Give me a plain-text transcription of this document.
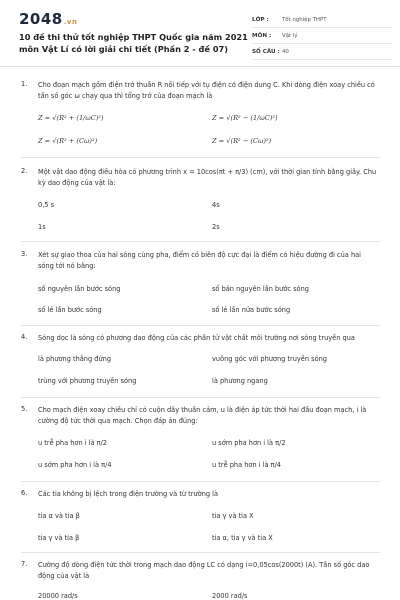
2048.vn
10 đề thi thử tốt nghiệp THPT Quốc gia năm 2021 môn Vật Lí có lời giải chi tiết (Phần 2 - đề 07)
LỚP :	Tốt nghiệp THPT
MÔN :	Vật lý
SỐ CÂU : 40
1. Cho đoạn mạch gồm điện trở thuần R nối tiếp với tụ điện có điện dung C. Khi dòng điện xoay chiều có tần số góc ω chạy qua thì tổng trở của đoạn mạch là
Z = √(R² + (1/ωC)²)	Z = √(R² − (1/ωC)²)
Z = √(R² + (Cω)²)	Z = √(R² − (Cω)²)
2. Một vật dao động điều hòa có phương trình x = 10cos(πt + π/3) (cm), với thời gian tính bằng giây. Chu kỳ dao động của vật là:
0,5 s	4s
1s	2s
3. Xét sự giao thoa của hai sóng cùng pha, điểm có biên độ cực đại là điểm có hiệu đường đi của hai sóng tới nó bằng:
số nguyên lần bước sóng	số bán nguyên lần bước sóng
số lẻ lần bước sóng	số lẻ lần nửa bước sóng
4. Sóng dọc là sóng có phương dao động của các phần tử vật chất môi trường nơi sóng truyền qua
là phương thẳng đứng	vuông góc với phương truyền sóng
trùng với phương truyền sóng	là phương ngang
5. Cho mạch điện xoay chiều chỉ có cuộn dây thuần cảm, u là điện áp tức thời hai đầu đoạn mạch, i là cường độ tức thời qua mạch. Chọn đáp án đúng:
u trễ pha hơn i là π/2	u sớm pha hơn i là π/2
u sớm pha hơn i là π/4	u trễ pha hơn i là π/4
6. Các tia không bị lệch trong điện trường và từ trường là
tia α và tia β	tia γ và tia X
tia γ và tia β	tia α, tia γ và tia X
7. Cường độ dòng điện tức thời trong mạch dao động LC có dạng i=0,05cos(2000t) (A). Tần số góc dao động của vật là
20000 rad/s	2000 rad/s
